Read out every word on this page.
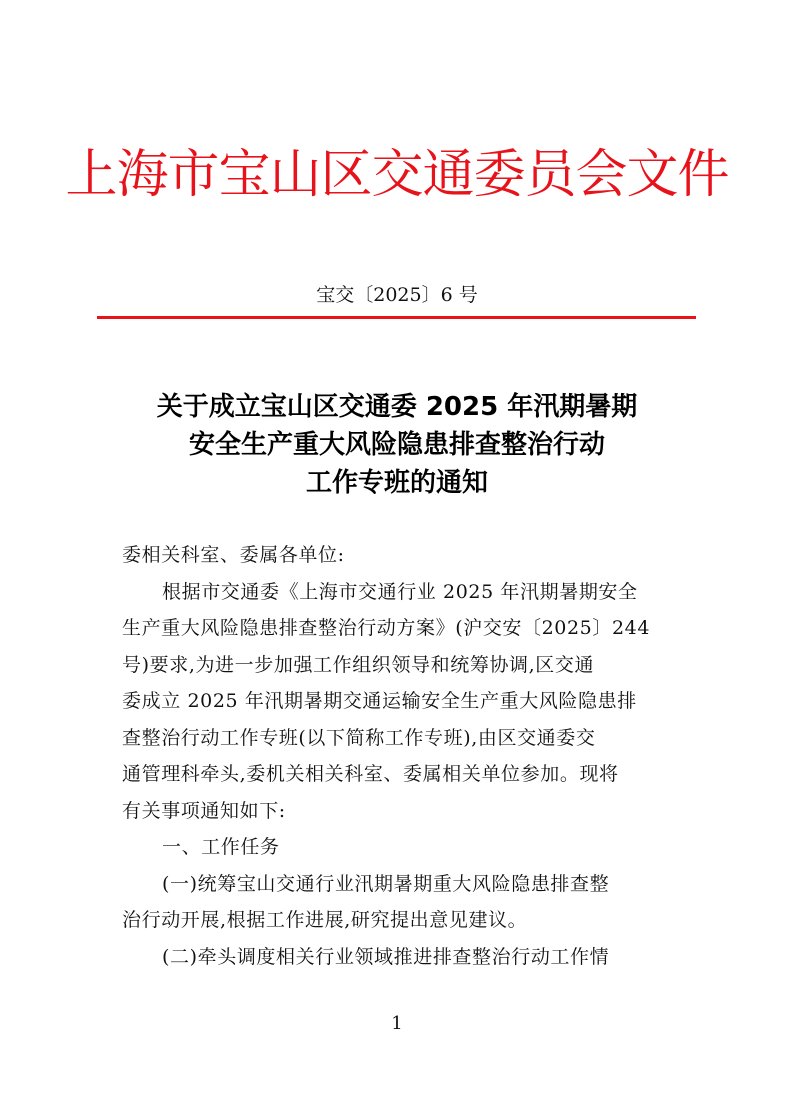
上海市宝山区交通委员会文件
宝交〔2025〕6 号
关于成立宝山区交通委 2025 年汛期暑期
安全生产重大风险隐患排查整治行动
工作专班的通知
委相关科室、委属各单位:
根据市交通委《上海市交通行业 2025 年汛期暑期安全
生产重大风险隐患排查整治行动方案》(沪交安〔2025〕244
号)要求,为进一步加强工作组织领导和统筹协调,区交通
委成立 2025 年汛期暑期交通运输安全生产重大风险隐患排
查整治行动工作专班(以下简称工作专班),由区交通委交
通管理科牵头,委机关相关科室、委属相关单位参加。现将
有关事项通知如下:
一、工作任务
(一)统筹宝山交通行业汛期暑期重大风险隐患排查整
治行动开展,根据工作进展,研究提出意见建议。
(二)牵头调度相关行业领域推进排查整治行动工作情
1
